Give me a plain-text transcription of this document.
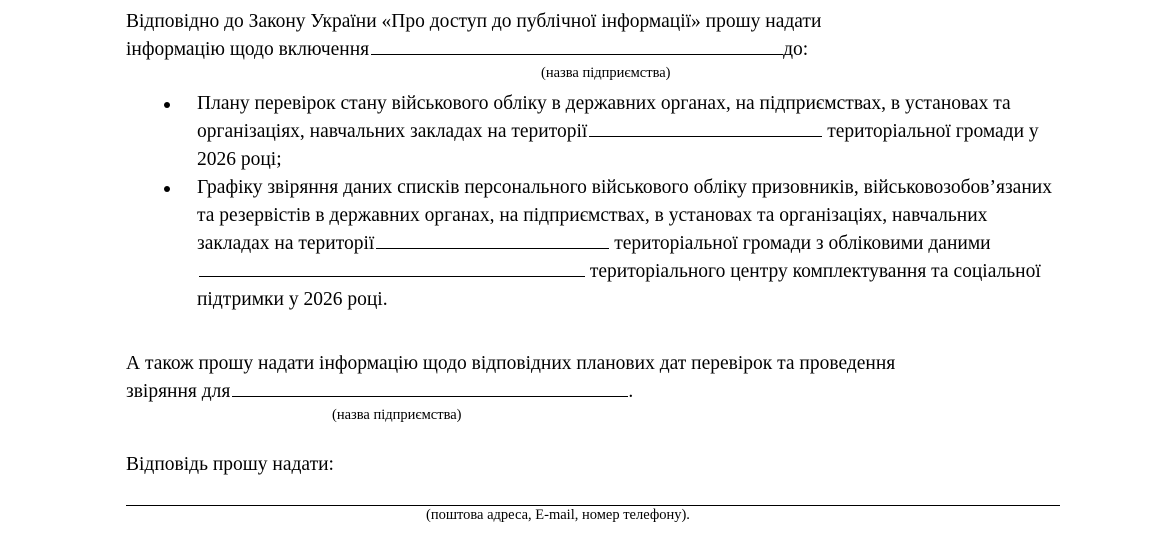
Відповідно до Закону України «Про доступ до публічної інформації» прошу надати
інформацію щодо включення	до:
(назва підприємства)
Плану перевірок стану військового обліку в державних органах, на підприємствах, в установах та організаціях, навчальних закладах на території	територіальної громади у 2026 році;
Графіку звіряння даних списків персонального військового обліку призовників, військовозобов’язаних та резервістів в державних органах, на підприємствах, в установах та організаціях, навчальних закладах на території	територіальної громади з обліковими даними територіального центру комплектування та соціальної підтримки у 2026 році.
А також прошу надати інформацію щодо відповідних планових дат перевірок та проведення
звіряння для	.
(назва підприємства)
Відповідь прошу надати:
(поштова адреса, E-mail, номер телефону).
